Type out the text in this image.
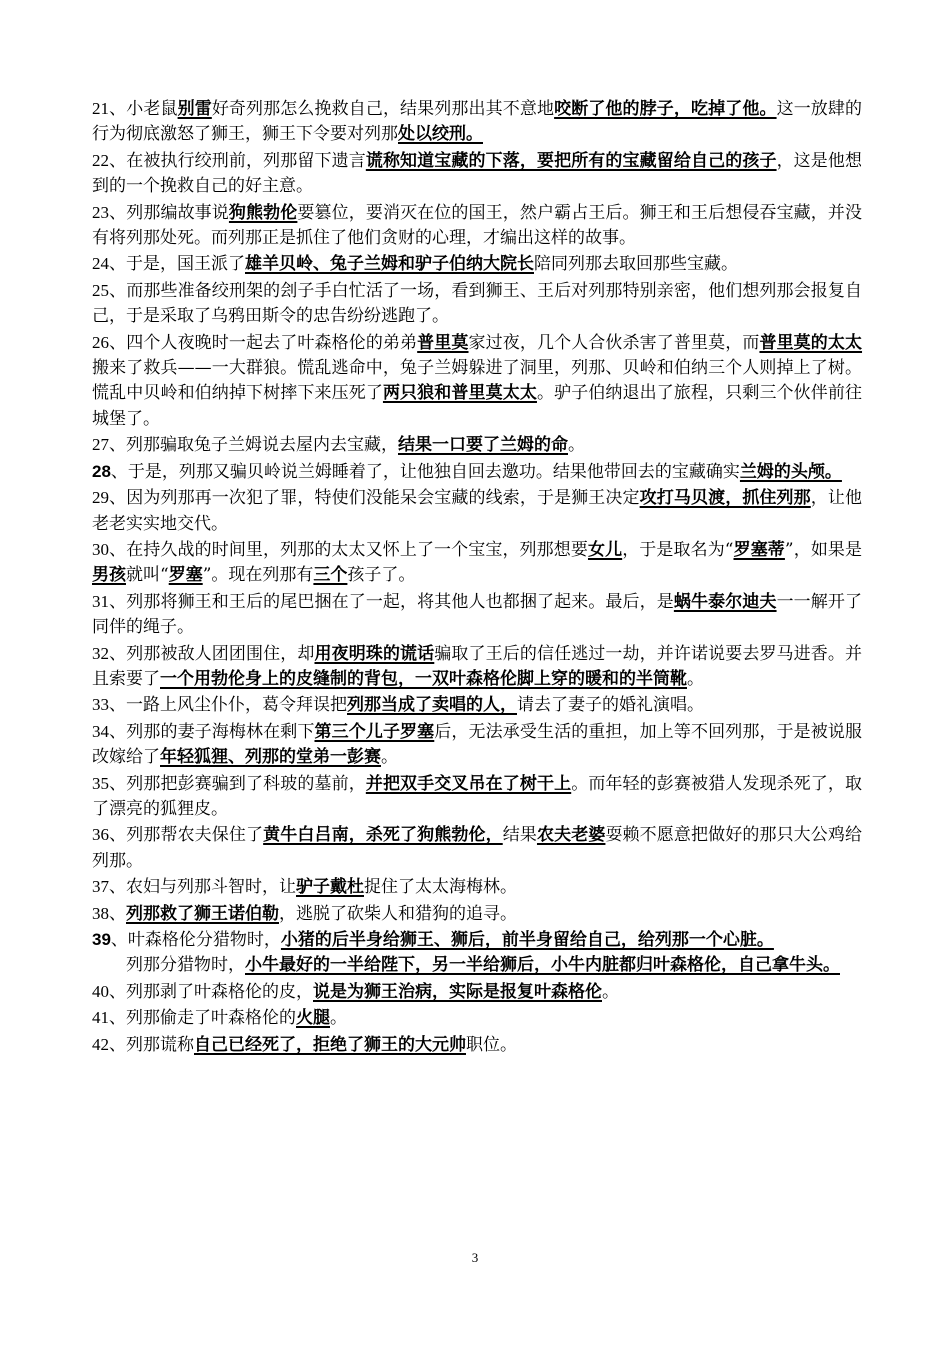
21、小老鼠别雷好奇列那怎么挽救自己，结果列那出其不意地咬断了他的脖子，吃掉了他。这一放肆的行为彻底激怒了狮王，狮王下令要对列那处以绞刑。

22、在被执行绞刑前，列那留下遗言谎称知道宝藏的下落，要把所有的宝藏留给自己的孩子，这是他想到的一个挽救自己的好主意。

23、列那编故事说狗熊勃伦要篡位，要消灭在位的国王，然户霸占王后。狮王和王后想侵吞宝藏，并没有将列那处死。而列那正是抓住了他们贪财的心理，才编出这样的故事。

24、于是，国王派了雄羊贝岭、兔子兰姆和驴子伯纳大院长陪同列那去取回那些宝藏。

25、而那些准备绞刑架的刽子手白忙活了一场，看到狮王、王后对列那特别亲密，他们想列那会报复自己，于是采取了乌鸦田斯令的忠告纷纷逃跑了。

26、四个人夜晚时一起去了叶森格伦的弟弟普里莫家过夜，几个人合伙杀害了普里莫，而普里莫的太太搬来了救兵——一大群狼。慌乱逃命中，兔子兰姆躲进了洞里，列那、贝岭和伯纳三个人则掉上了树。慌乱中贝岭和伯纳掉下树摔下来压死了两只狼和普里莫太太。驴子伯纳退出了旅程，只剩三个伙伴前往城堡了。

27、列那骗取兔子兰姆说去屋内去宝藏，结果一口要了兰姆的命。

28、于是，列那又骗贝岭说兰姆睡着了，让他独自回去邀功。结果他带回去的宝藏确实兰姆的头颅。

29、因为列那再一次犯了罪，特使们没能呆会宝藏的线索，于是狮王决定攻打马贝渡，抓住列那，让他老老实实地交代。

30、在持久战的时间里，列那的太太又怀上了一个宝宝，列那想要女儿，于是取名为“罗塞蒂”，如果是男孩就叫“罗塞”。现在列那有三个孩子了。

31、列那将狮王和王后的尾巴捆在了一起，将其他人也都捆了起来。最后，是蜗牛泰尔迪夫一一解开了同伴的绳子。

32、列那被敌人团团围住，却用夜明珠的谎话骗取了王后的信任逃过一劫，并许诺说要去罗马进香。并且索要了一个用勃伦身上的皮缝制的背包，一双叶森格伦脚上穿的暖和的半筒靴。

33、一路上风尘仆仆，葛令拜误把列那当成了卖唱的人，请去了妻子的婚礼演唱。

34、列那的妻子海梅林在剩下第三个儿子罗塞后，无法承受生活的重担，加上等不回列那，于是被说服改嫁给了年轻狐狸、列那的堂弟一彭赛。

35、列那把彭赛骗到了科玻的墓前，并把双手交叉吊在了树干上。而年轻的彭赛被猎人发现杀死了，取了漂亮的狐狸皮。

36、列那帮农夫保住了黄牛白吕南，杀死了狗熊勃伦，结果农夫老婆耍赖不愿意把做好的那只大公鸡给列那。

37、农妇与列那斗智时，让驴子戴杜捉住了太太海梅林。

38、列那救了狮王诺伯勒，逃脱了砍柴人和猎狗的追寻。

39、叶森格伦分猎物时，小猪的后半身给狮王、狮后，前半身留给自己，给列那一个心脏。

列那分猎物时，小牛最好的一半给陛下，另一半给狮后，小牛内脏都归叶森格伦，自己拿牛头。

40、列那剥了叶森格伦的皮，说是为狮王治病，实际是报复叶森格伦。

41、列那偷走了叶森格伦的火腿。

42、列那谎称自己已经死了，拒绝了狮王的大元帅职位。

3
